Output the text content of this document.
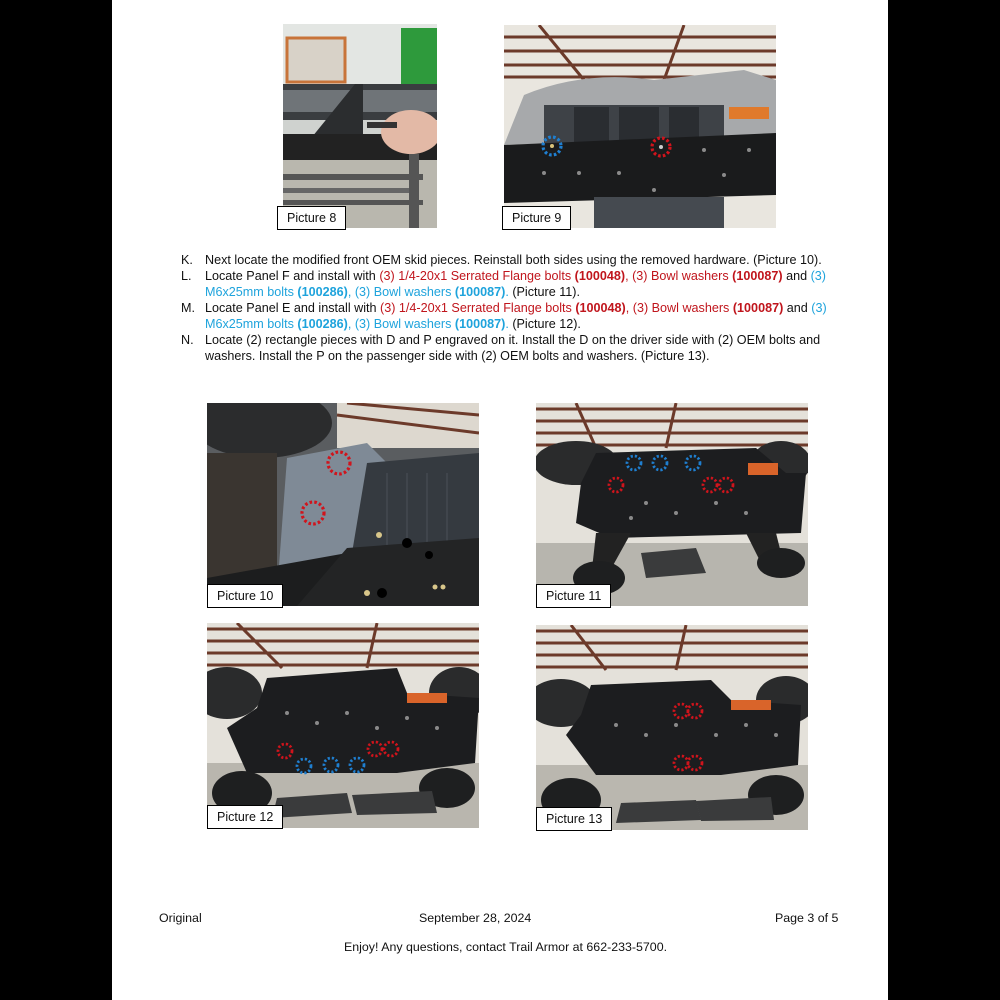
Picture 8	Picture 9
K. Next locate the modified front OEM skid pieces. Reinstall both sides using the removed hardware. (Picture 10).
L.	Locate Panel F and install with (3) 1/4-20x1 Serrated Flange bolts (100048), (3) Bowl washers (100087) and (3) M6x25mm bolts (100286), (3) Bowl washers (100087). (Picture 11).
M. Locate Panel E and install with (3) 1/4-20x1 Serrated Flange bolts (100048), (3) Bowl washers (100087) and (3) M6x25mm bolts (100286), (3) Bowl washers (100087). (Picture 12).
N. Locate (2) rectangle pieces with D and P engraved on it. Install the D on the driver side with (2) OEM bolts and washers. Install the P on the passenger side with (2) OEM bolts and washers. (Picture 13).
Picture 10	Picture 11
Picture 12	Picture 13
Original	September 28, 2024	Page 3 of 5
Enjoy! Any questions, contact Trail Armor at 662-233-5700.
